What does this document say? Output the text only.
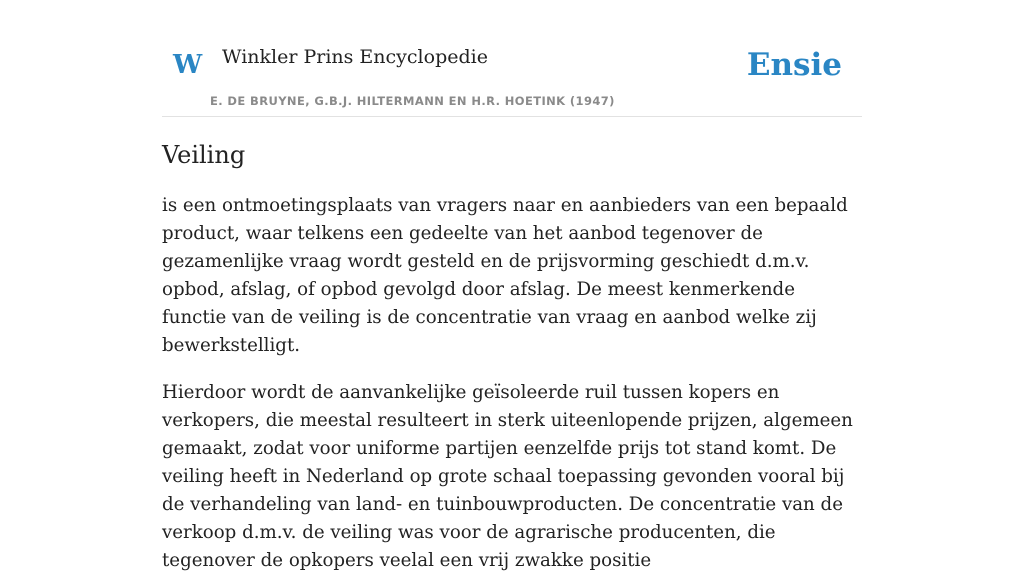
W Winkler Prins Encyclopedie
E. DE BRUYNE, G.B.J. HILTERMANN EN H.R. HOETINK (1947)
Ensie
Veiling

is een ontmoetingsplaats van vragers naar en aanbieders van een bepaald product, waar telkens een gedeelte van het aanbod tegenover de gezamenlijke vraag wordt gesteld en de prijsvorming geschiedt d.m.v. opbod, afslag, of opbod gevolgd door afslag. De meest kenmerkende functie van de veiling is de concentratie van vraag en aanbod welke zij bewerkstelligt.

Hierdoor wordt de aanvankelijke geïsoleerde ruil tussen kopers en verkopers, die meestal resulteert in sterk uiteenlopende prijzen, algemeen gemaakt, zodat voor uniforme partijen eenzelfde prijs tot stand komt. De veiling heeft in Nederland op grote schaal toepassing gevonden vooral bij de verhandeling van land- en tuinbouwproducten. De concentratie van de verkoop d.m.v. de veiling was voor de agrarische producenten, die tegenover de opkopers veelal een vrij zwakke positie
